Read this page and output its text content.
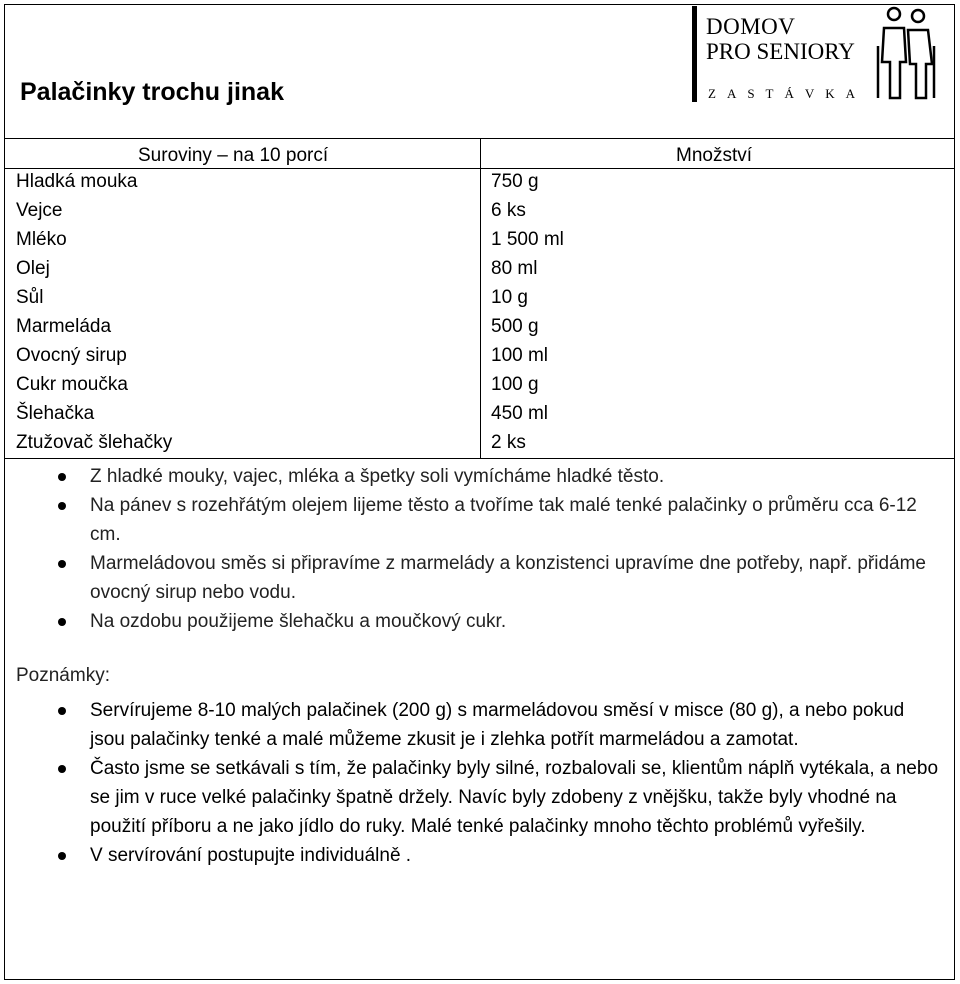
Palačinky trochu jinak
DOMOV
PRO SENIORY
ZASTÁVKA
Suroviny – na 10 porcí	Množství
Hladká mouka	750 g
Vejce	6 ks
Mléko	1 500 ml
Olej	80 ml
Sůl	10 g
Marmeláda	500 g
Ovocný sirup	100 ml
Cukr moučka	100 g
Šlehačka	450 ml
Ztužovač šlehačky	2 ks
Z hladké mouky, vajec, mléka a špetky soli vymícháme hladké těsto.
Na pánev s rozehřátým olejem lijeme těsto a tvoříme tak malé tenké palačinky o průměru cca 6-12 cm.
Marmeládovou směs si připravíme z marmelády a konzistenci upravíme dne potřeby, např. přidáme ovocný sirup nebo vodu.
Na ozdobu použijeme šlehačku a moučkový cukr.
Poznámky:
Servírujeme 8-10 malých palačinek (200 g) s marmeládovou směsí v misce (80 g), a nebo pokud jsou palačinky tenké a malé můžeme zkusit je i zlehka potřít marmeládou a zamotat.
Často jsme se setkávali s tím, že palačinky byly silné, rozbalovali se, klientům náplň vytékala, a nebo se jim v ruce velké palačinky špatně držely. Navíc byly zdobeny z vnějšku, takže byly vhodné na použití příboru a ne jako jídlo do ruky. Malé tenké palačinky mnoho těchto problémů vyřešily.
V servírování postupujte individuálně .
